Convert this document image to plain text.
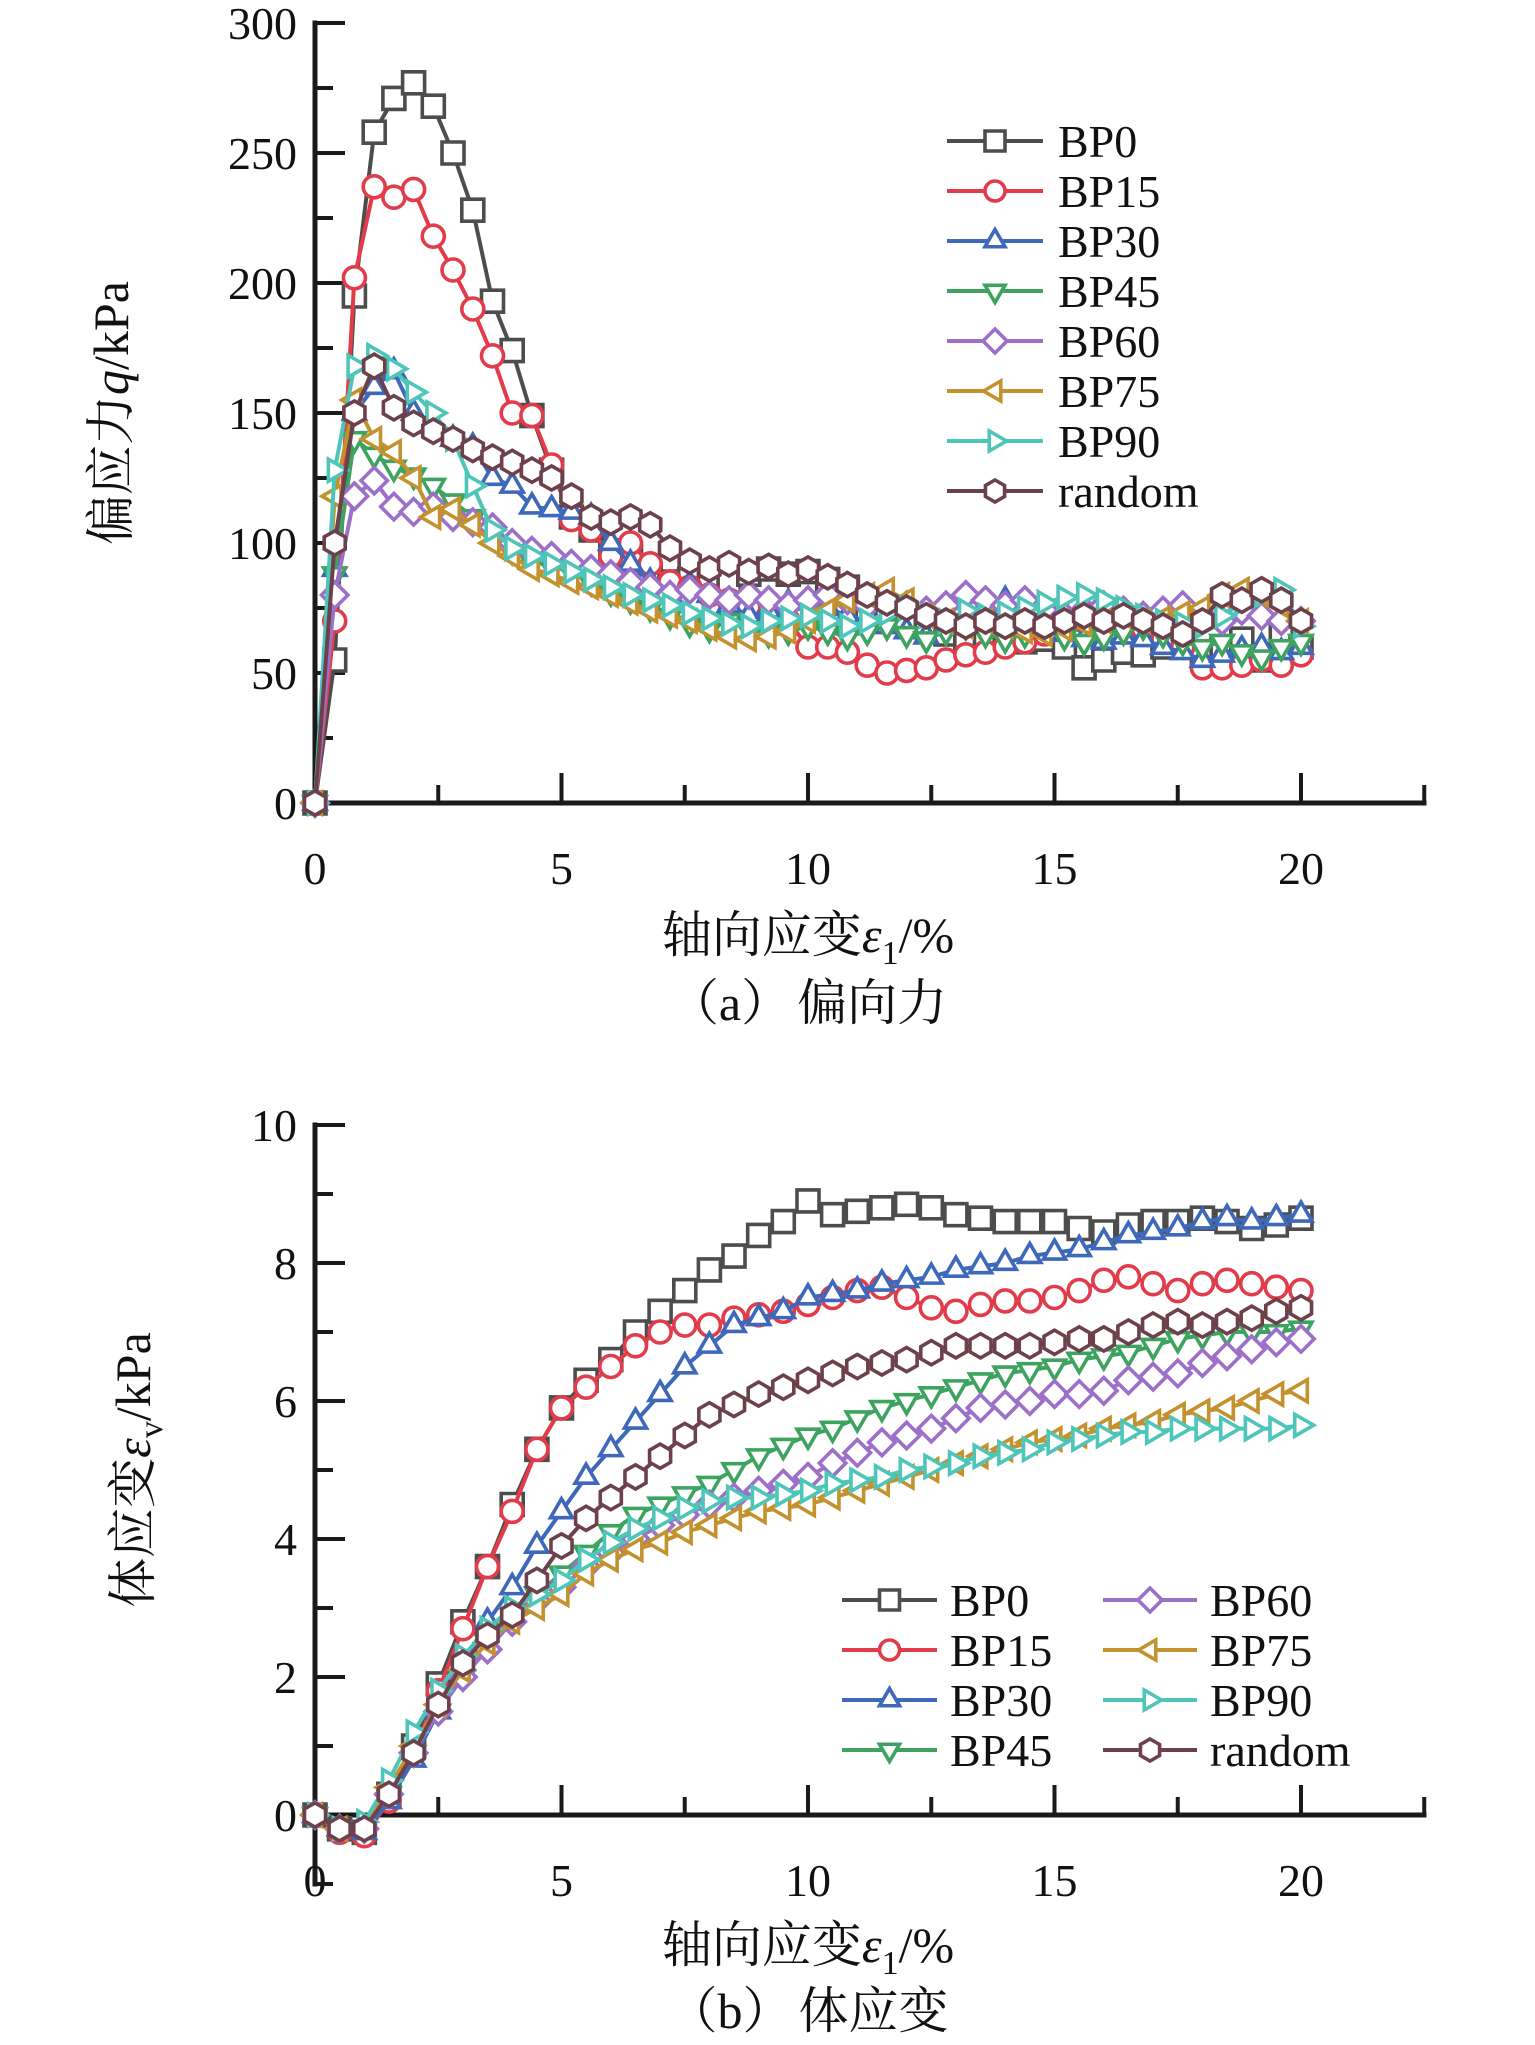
0	5	10	15	20
0
50
100
150
200
250
300
BP0
BP15
BP30
BP45
BP60
BP75
BP90
random
0	5	10	15	20
0
2
4
6
8
10
BP0
BP15
BP30
BP45
BP60
BP75
BP90
random
偏应力q/kPa
轴向应变$\varepsilon_1/\%$
（a） 偏向力
体应变$\varepsilon_v$/kPa
轴向应变$\varepsilon_1/\%$
（b） 体应变
